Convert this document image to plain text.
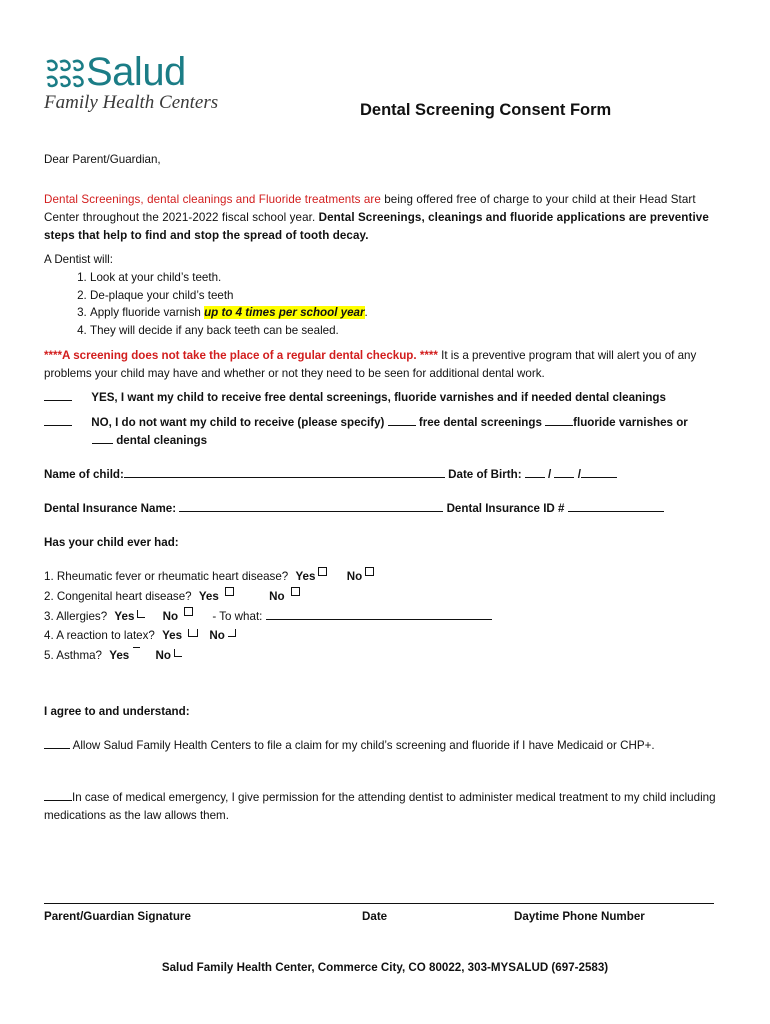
Salud
Family Health Centers	Dental Screening Consent Form
Dear Parent/Guardian,
Dental Screenings, dental cleanings and Fluoride treatments are being offered free of charge to your child at their Head Start Center throughout the 2021-2022 fiscal school year. Dental Screenings, cleanings and fluoride applications are preventive steps that help to find and stop the spread of tooth decay.
A Dentist will:
1. Look at your child’s teeth.
2. De-plaque your child’s teeth
3. Apply fluoride varnish up to 4 times per school year.
4. They will decide if any back teeth can be sealed.
****A screening does not take the place of a regular dental checkup. **** It is a preventive program that will alert you of any problems your child may have and whether or not they need to be seen for additional dental work.
YES, I want my child to receive free dental screenings, fluoride varnishes and if needed dental cleanings
NO, I do not want my child to receive (please specify)  free dental screenings fluoride varnishes or
dental cleanings
Name of child:	Date of Birth:  /  /
Dental Insurance Name:	Dental Insurance ID #
Has your child ever had:
1. Rheumatic fever or rheumatic heart disease? Yes	No
2. Congenital heart disease? Yes	No
3. Allergies? Yes No	- To what:
4. A reaction to latex? Yes No
5. Asthma? Yes No
I agree to and understand:
Allow Salud Family Health Centers to file a claim for my child’s screening and fluoride if I have Medicaid or CHP+.
In case of medical emergency, I give permission for the attending dentist to administer medical treatment to my child including medications as the law allows them.
Parent/Guardian Signature	Date	Daytime Phone Number
Salud Family Health Center, Commerce City, CO 80022, 303-MYSALUD (697-2583)
